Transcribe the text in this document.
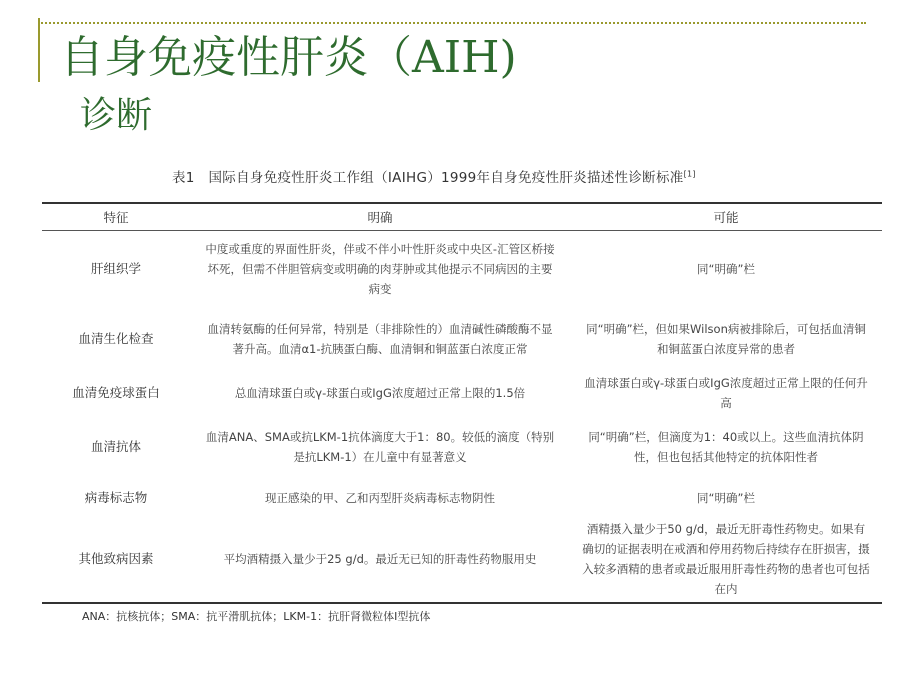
自身免疫性肝炎（AIH)
诊断
表1　国际自身免疫性肝炎工作组（IAIHG）1999年自身免疫性肝炎描述性诊断标准[1]
特征	明确	可能
肝组织学	中度或重度的界面性肝炎，伴或不伴小叶性肝炎或中央区-汇管区桥接坏死，但需不伴胆管病变或明确的肉芽肿或其他提示不同病因的主要病变	同“明确”栏
血清生化检查	血清转氨酶的任何异常，特别是（非排除性的）血清碱性磷酸酶不显著升高。血清α1-抗胰蛋白酶、血清铜和铜蓝蛋白浓度正常	同“明确”栏，但如果Wilson病被排除后，可包括血清铜和铜蓝蛋白浓度异常的患者
血清免疫球蛋白	总血清球蛋白或γ-球蛋白或IgG浓度超过正常上限的1.5倍	血清球蛋白或γ-球蛋白或IgG浓度超过正常上限的任何升高
血清抗体	血清ANA、SMA或抗LKM-1抗体滴度大于1：80。较低的滴度（特别是抗LKM-1）在儿童中有显著意义	同“明确”栏，但滴度为1：40或以上。这些血清抗体阴性，但也包括其他特定的抗体阳性者
病毒标志物	现正感染的甲、乙和丙型肝炎病毒标志物阴性	同“明确”栏
其他致病因素	平均酒精摄入量少于25 g/d。最近无已知的肝毒性药物服用史	酒精摄入量少于50 g/d，最近无肝毒性药物史。如果有确切的证据表明在戒酒和停用药物后持续存在肝损害，摄入较多酒精的患者或最近服用肝毒性药物的患者也可包括在内
ANA：抗核抗体；SMA：抗平滑肌抗体；LKM-1：抗肝肾微粒体Ⅰ型抗体
